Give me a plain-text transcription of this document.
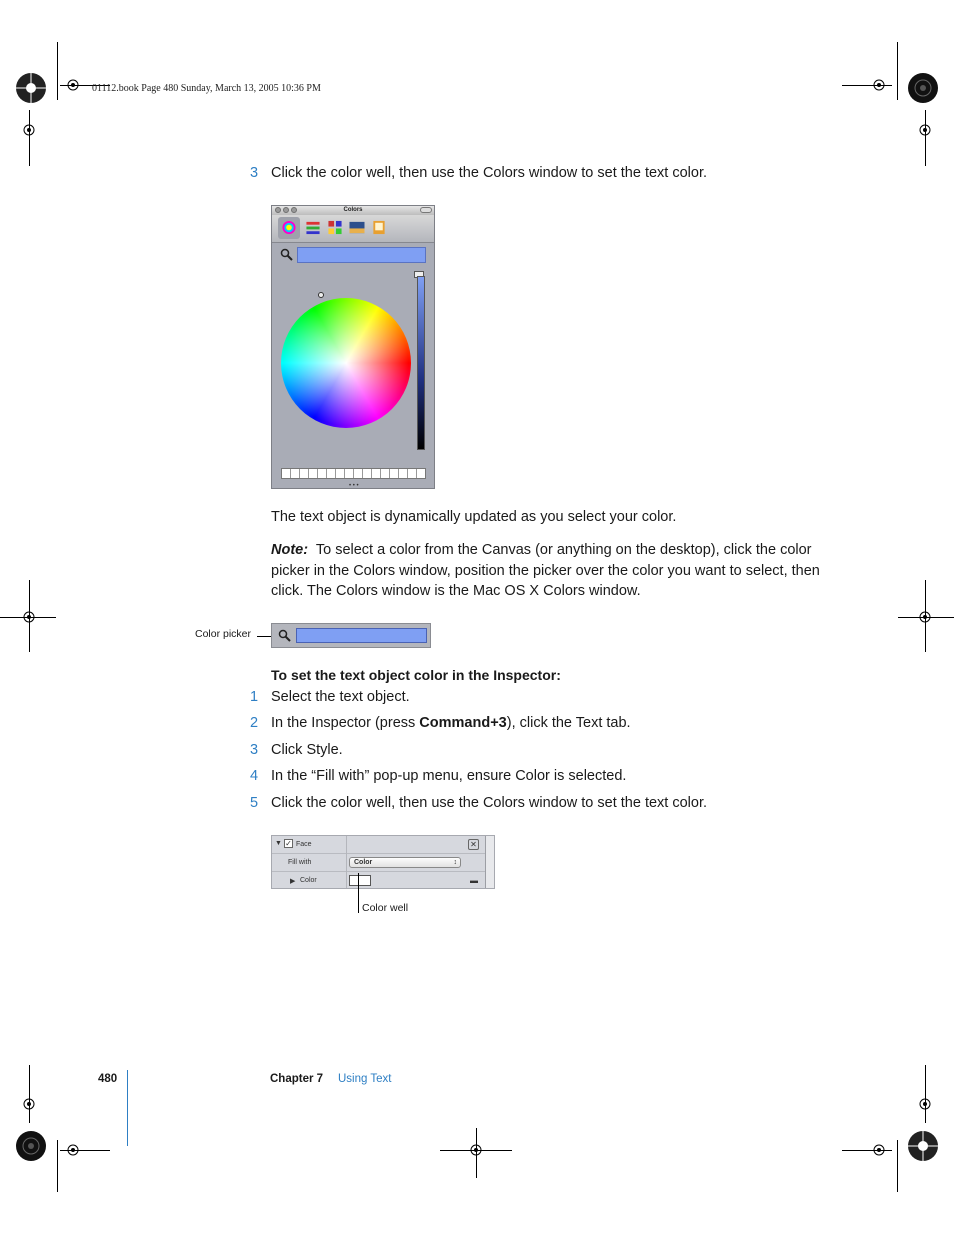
01112.book Page 480 Sunday, March 13, 2005 10:36 PM
3 Click the color well, then use the Colors window to set the text color.
Colors
• • •
The text object is dynamically updated as you select your color.
Note: To select a color from the Canvas (or anything on the desktop), click the color picker in the Colors window, position the picker over the color you want to select, then click. The Colors window is the Mac OS X Colors window.
Color picker
To set the text object color in the Inspector:
1 Select the text object.
2 In the Inspector (press Command+3), click the Text tab.
3 Click Style.
4 In the “Fill with” pop-up menu, ensure Color is selected.
5 Click the color well, then use the Colors window to set the text color.
▼ ✓ Face	✕
Fill with	Color	↕
▶ Color	▬
Color well
480	Chapter 7 Using Text
